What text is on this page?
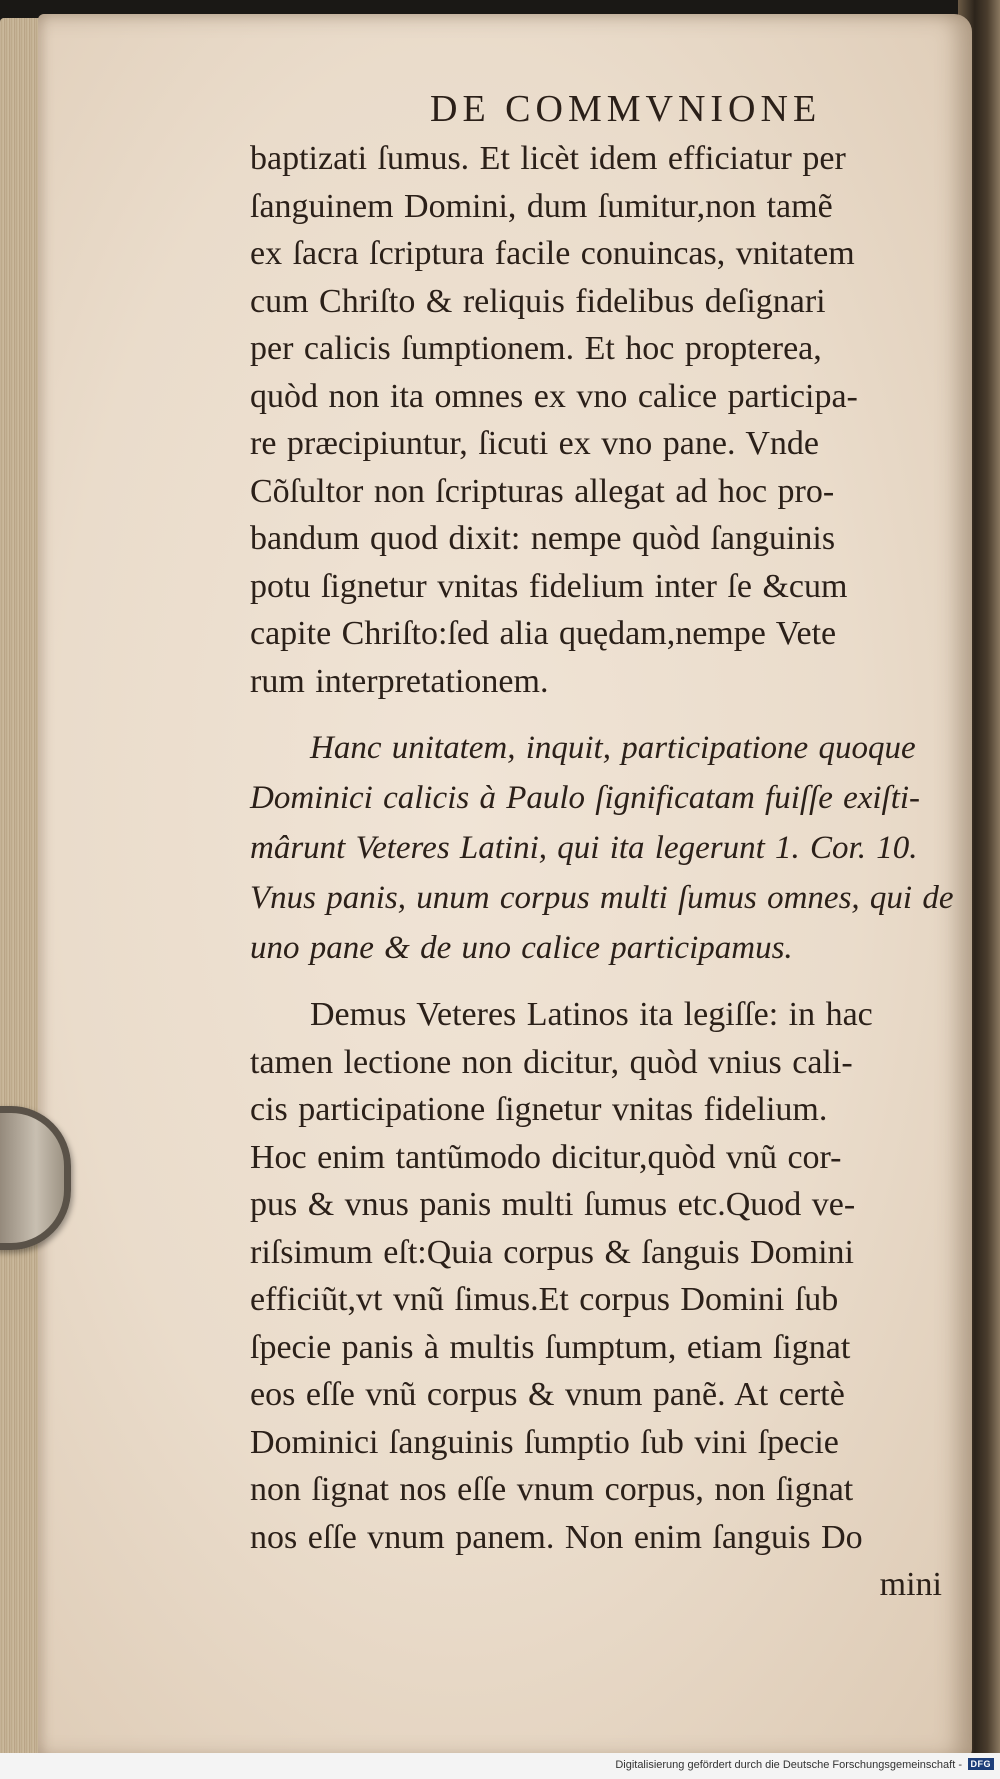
DE COMMVNIONE
baptizati ſumus. Et licèt idem efficiatur per
ſanguinem Domini, dum ſumitur,non tamẽ
ex ſacra ſcriptura facile conuincas, vnitatem
cum Chriſto & reliquis fidelibus deſignari
per calicis ſumptionem. Et hoc propterea,
quòd non ita omnes ex vno calice participa-
re præcipiuntur, ſicuti ex vno pane. Vnde
Cõſultor non ſcripturas allegat ad hoc pro-
bandum quod dixit: nempe quòd ſanguinis
potu ſignetur vnitas fidelium inter ſe &cum
capite Chriſto:ſed alia quędam,nempe Vete
rum interpretationem.
Hanc unitatem, inquit, participatione quoque
Dominici calicis à Paulo ſignificatam fuiſſe exiſti-
mârunt Veteres Latini, qui ita legerunt 1. Cor. 10.
Vnus panis, unum corpus multi ſumus omnes, qui de
uno pane & de uno calice participamus.
Demus Veteres Latinos ita legiſſe: in hac
tamen lectione non dicitur, quòd vnius cali-
cis participatione ſignetur vnitas fidelium.
Hoc enim tantũmodo dicitur,quòd vnũ cor-
pus & vnus panis multi ſumus etc.Quod ve-
riſsimum eſt:Quia corpus & ſanguis Domini
efficiũt,vt vnũ ſimus.Et corpus Domini ſub
ſpecie panis à multis ſumptum, etiam ſignat
eos eſſe vnũ corpus & vnum panẽ. At certè
Dominici ſanguinis ſumptio ſub vini ſpecie
non ſignat nos eſſe vnum corpus, non ſignat
nos eſſe vnum panem. Non enim ſanguis Do
mini
Digitalisierung gefördert durch die Deutsche Forschungsgemeinschaft - DFG
